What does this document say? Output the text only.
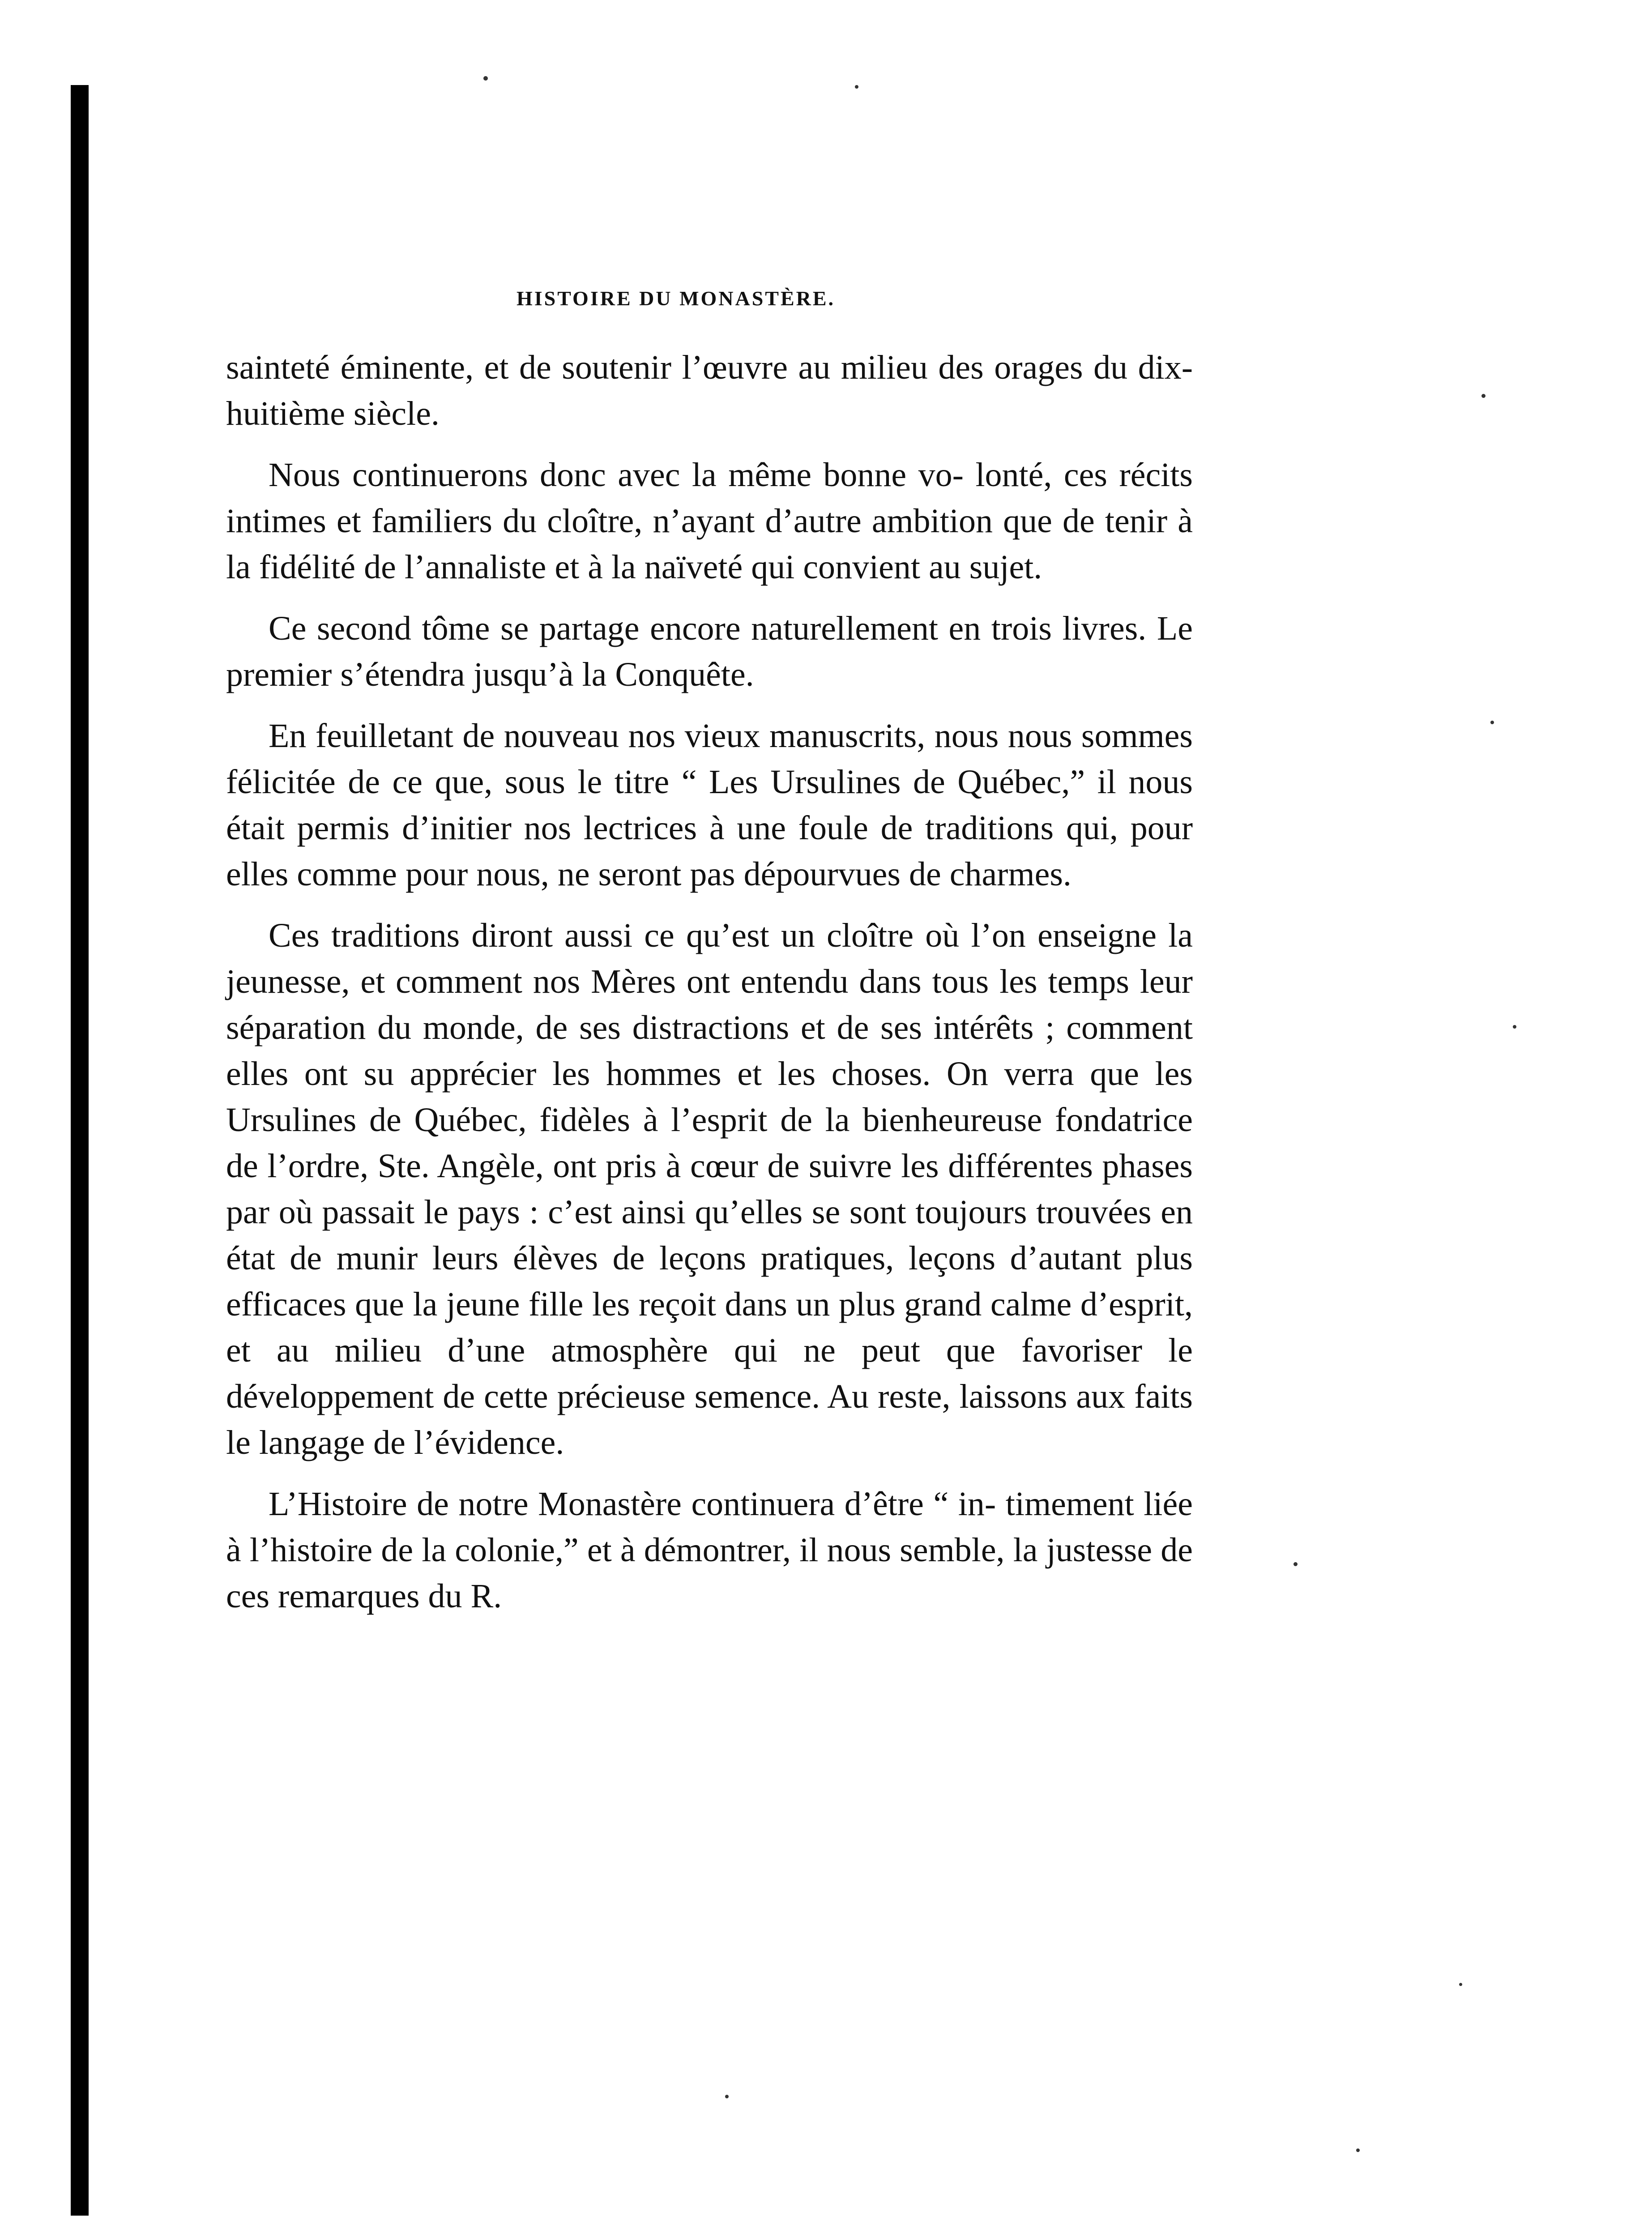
HISTOIRE DU MONASTÈRE.

sainteté éminente, et de soutenir l’œuvre au milieu des orages du dix-huitième siècle.

Nous continuerons donc avec la même bonne vo- lonté, ces récits intimes et familiers du cloître, n’ayant d’autre ambition que de tenir à la fidélité de l’annaliste et à la naïveté qui convient au sujet.

Ce second tôme se partage encore naturellement en trois livres. Le premier s’étendra jusqu’à la Conquête.

En feuilletant de nouveau nos vieux manuscrits, nous nous sommes félicitée de ce que, sous le titre “ Les Ursulines de Québec,” il nous était permis d’initier nos lectrices à une foule de traditions qui, pour elles comme pour nous, ne seront pas dépourvues de charmes.

Ces traditions diront aussi ce qu’est un cloître où l’on enseigne la jeunesse, et comment nos Mères ont entendu dans tous les temps leur séparation du monde, de ses distractions et de ses intérêts ; comment elles ont su apprécier les hommes et les choses. On verra que les Ursulines de Québec, fidèles à l’esprit de la bienheureuse fondatrice de l’ordre, Ste. Angèle, ont pris à cœur de suivre les différentes phases par où passait le pays : c’est ainsi qu’elles se sont toujours trouvées en état de munir leurs élèves de leçons pratiques, leçons d’autant plus efficaces que la jeune fille les reçoit dans un plus grand calme d’esprit, et au milieu d’une atmosphère qui ne peut que favoriser le développement de cette précieuse semence. Au reste, laissons aux faits le langage de l’évidence.

L’Histoire de notre Monastère continuera d’être “ in- timement liée à l’histoire de la colonie,” et à démontrer, il nous semble, la justesse de ces remarques du R.
